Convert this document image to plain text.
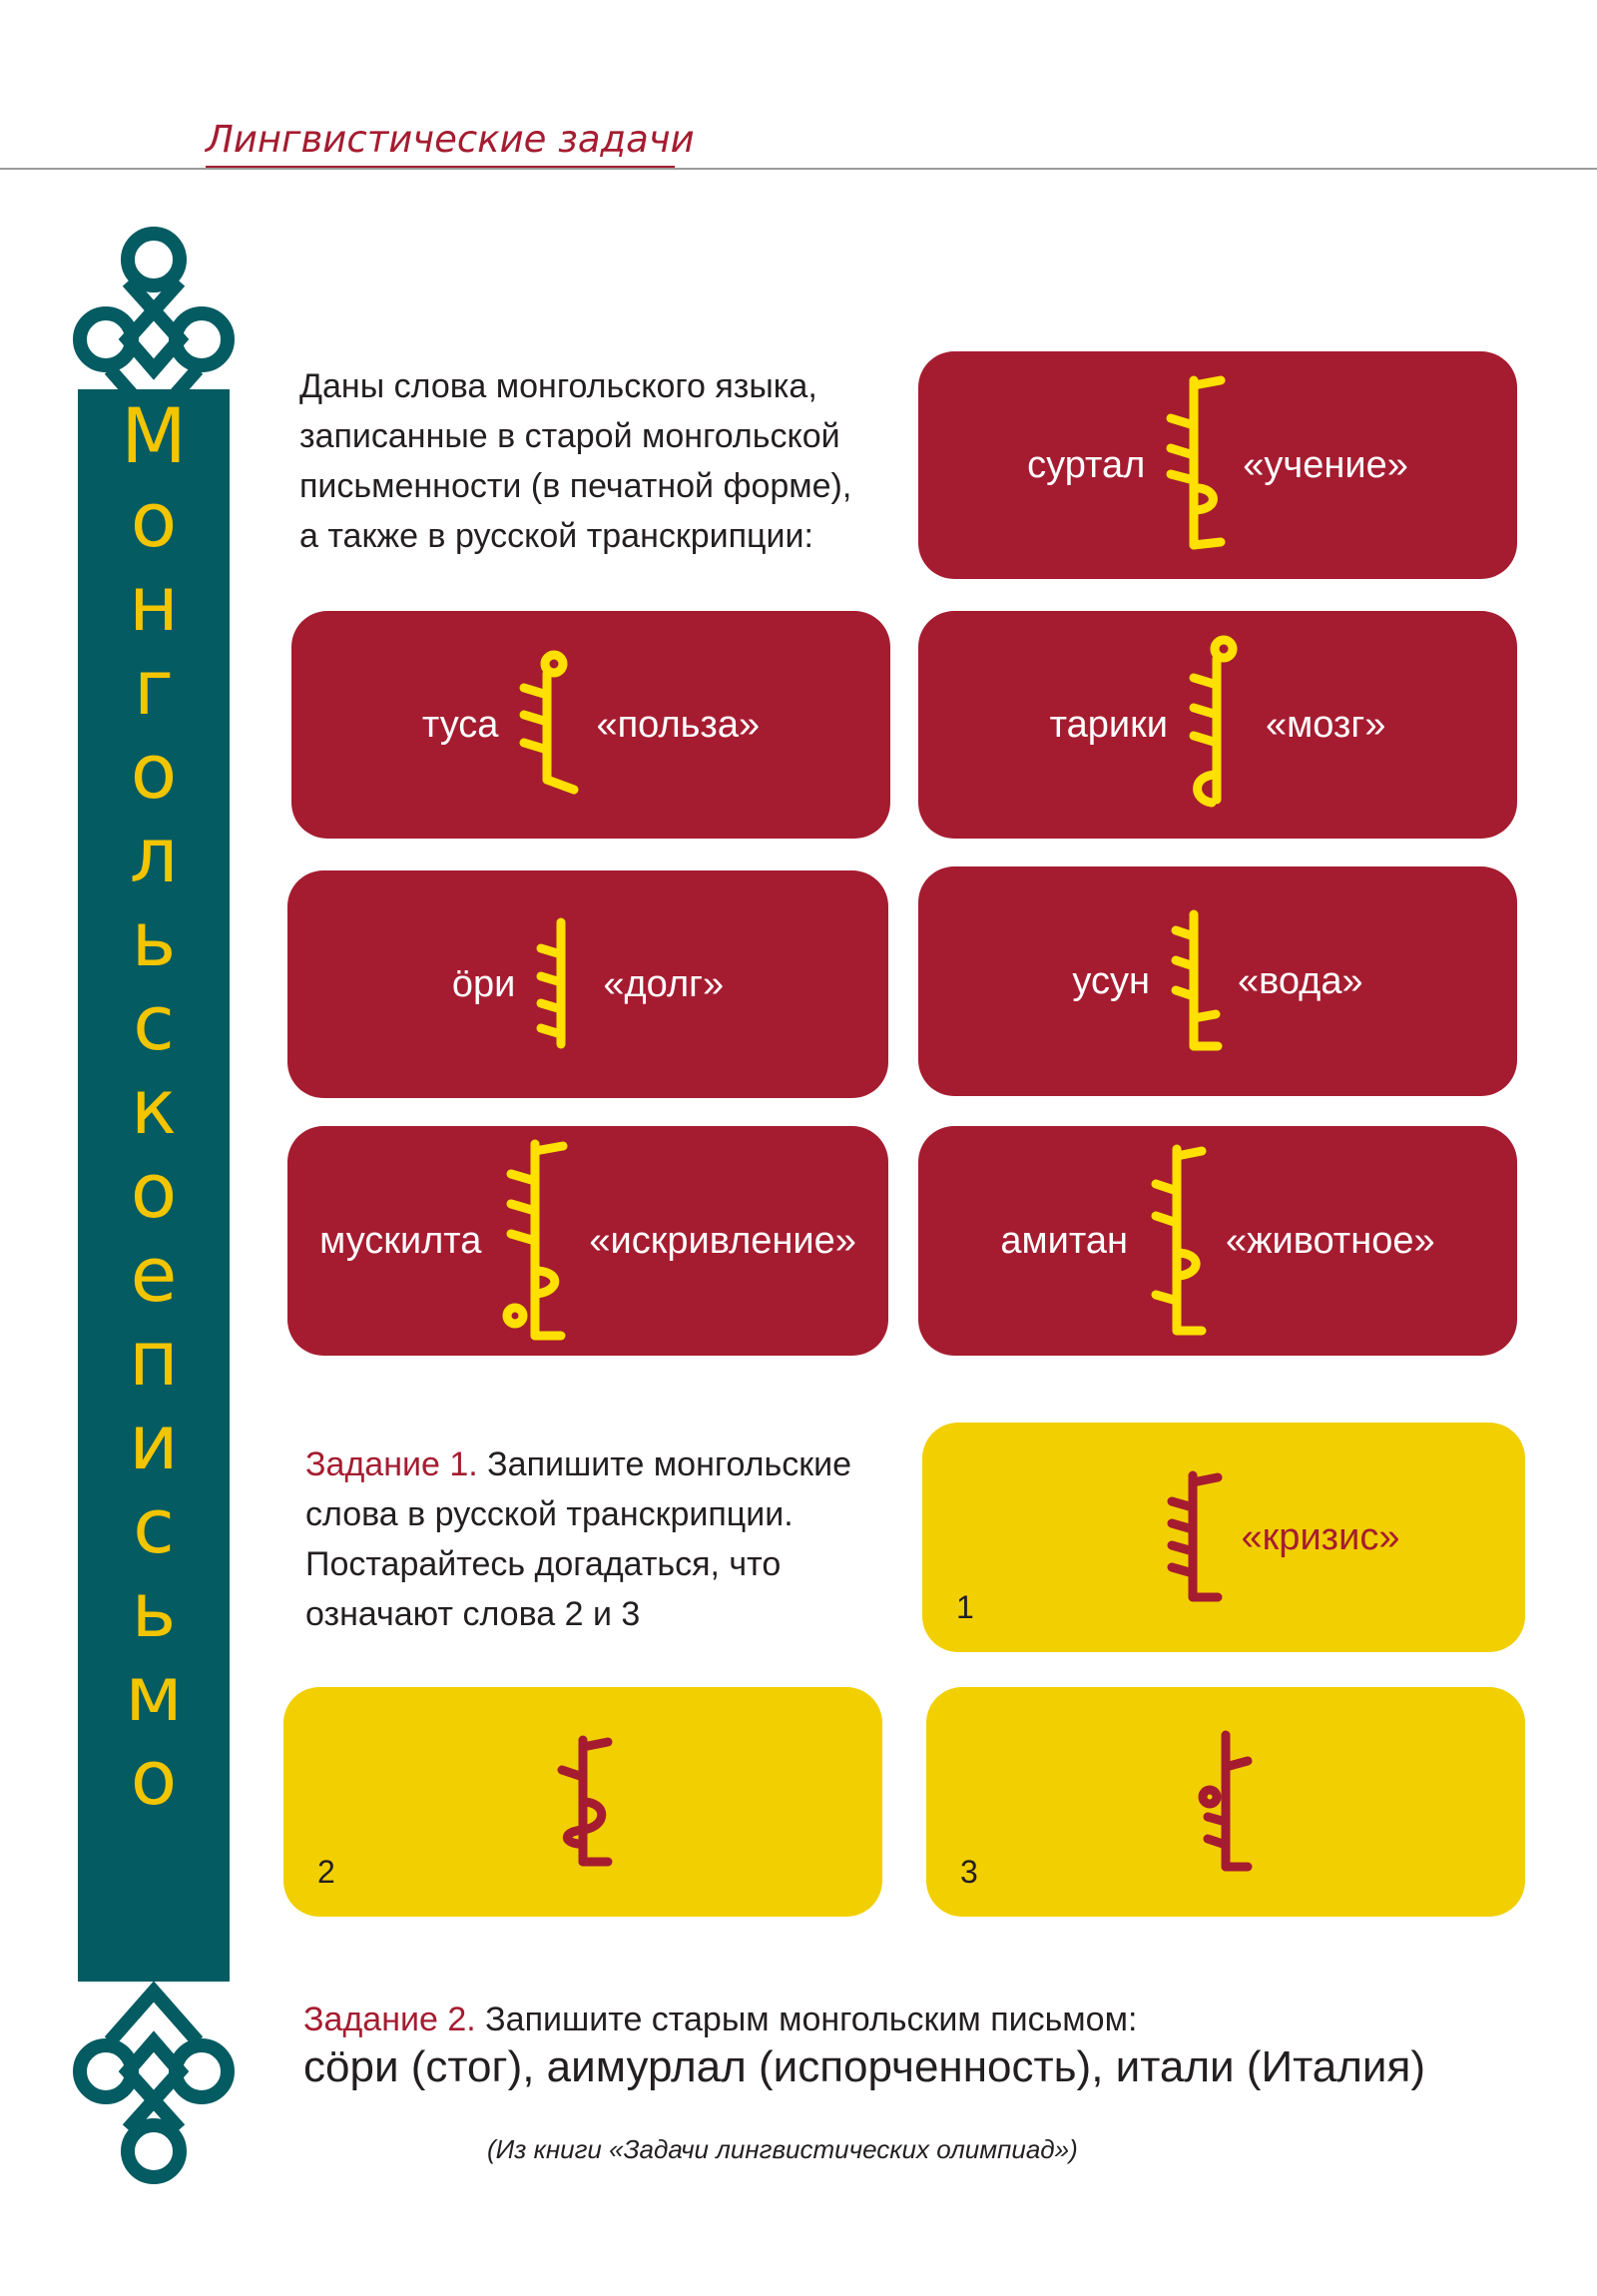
Лингвистические задачи
М
о
н
г
о
л
ь
с
к
о
е
п
и
с
ь
м
о
Даны слова монгольского языка,
записанные в старой монгольской
письменности (в печатной форме),
а также в русской транскрипции:
суртал	«учение»
туса	«польза»	тарики	«мозг»
öри «долг»	усун «вода»
мускилта	«искривление»	амитан	«животное»
Задание 1. Запишите монгольские
слова в русской транскрипции.
Постарайтесь догадаться, что
означают слова 2 и 3
«кризис»
1
2	3
Задание 2. Запишите старым монгольским письмом:
сöри (стог), аимурлал (испорченность), итали (Италия)
(Из книги «Задачи лингвистических олимпиад»)
